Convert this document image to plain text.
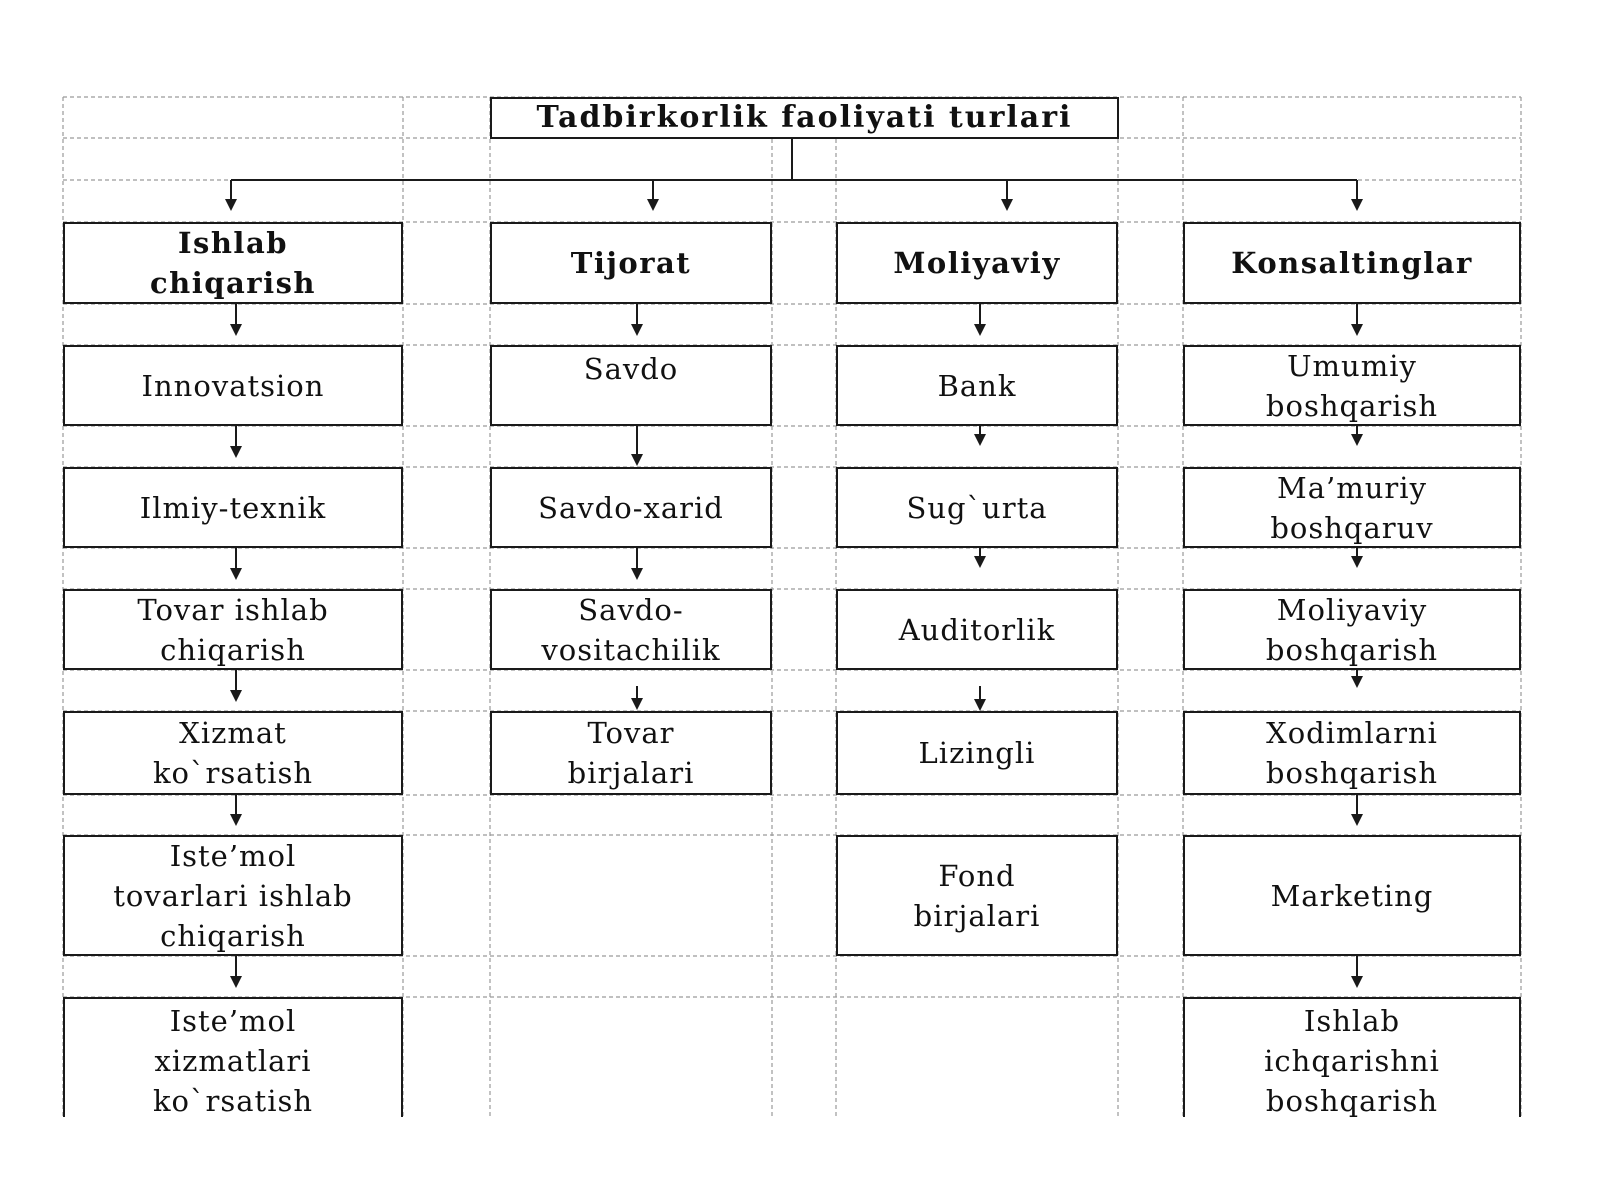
Tadbirkorlik faoliyati turlari
Ishlab
chiqarish
Innovatsion
Ilmiy-texnik
Tovar ishlab
chiqarish
Xizmat
ko`rsatish
Iste’mol
tovarlari ishlab
chiqarish
Iste’mol
xizmatlari
ko`rsatish
Tijorat
Savdo
Savdo-xarid
Savdo-
vositachilik
Tovar
birjalari
Moliyaviy
Bank
Sug`urta
Auditorlik
Lizingli
Fond
birjalari
Konsaltinglar
Umumiy
boshqarish
Ma’muriy
boshqaruv
Moliyaviy
boshqarish
Xodimlarni
boshqarish
Marketing
Ishlab
ichqarishni
boshqarish
